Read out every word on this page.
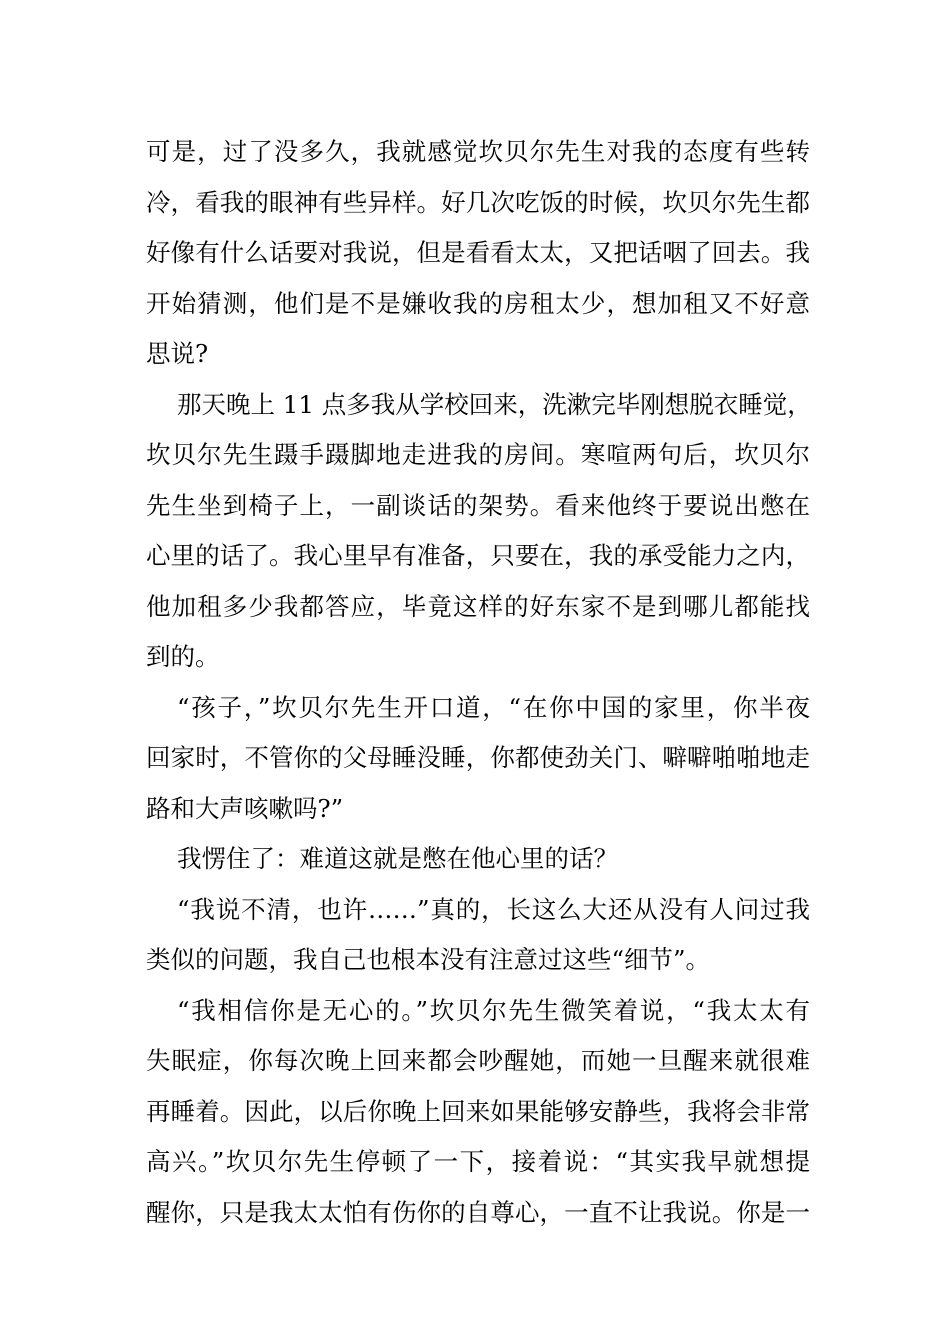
可是，过了没多久，我就感觉坎贝尔先生对我的态度有些转
冷，看我的眼神有些异样。好几次吃饭的时候，坎贝尔先生都
好像有什么话要对我说，但是看看太太，又把话咽了回去。我
开始猜测，他们是不是嫌收我的房租太少，想加租又不好意
思说?
那天晚上 11 点多我从学校回来，洗漱完毕刚想脱衣睡觉，
坎贝尔先生蹑手蹑脚地走进我的房间。寒喧两句后，坎贝尔
先生坐到椅子上，一副谈话的架势。看来他终于要说出憋在
心里的话了。我心里早有准备，只要在，我的承受能力之内，
他加租多少我都答应，毕竟这样的好东家不是到哪儿都能找
到的。
“孩子，”坎贝尔先生开口道，“在你中国的家里，你半夜
回家时，不管你的父母睡没睡，你都使劲关门、噼噼啪啪地走
路和大声咳嗽吗?”
我愣住了：难道这就是憋在他心里的话？
“我说不清，也许……”真的，长这么大还从没有人问过我
类似的问题，我自己也根本没有注意过这些“细节”。
“我相信你是无心的。”坎贝尔先生微笑着说，“我太太有
失眠症，你每次晚上回来都会吵醒她，而她一旦醒来就很难
再睡着。因此，以后你晚上回来如果能够安静些，我将会非常
高兴。”坎贝尔先生停顿了一下，接着说：“其实我早就想提
醒你，只是我太太怕有伤你的自尊心，一直不让我说。你是一
